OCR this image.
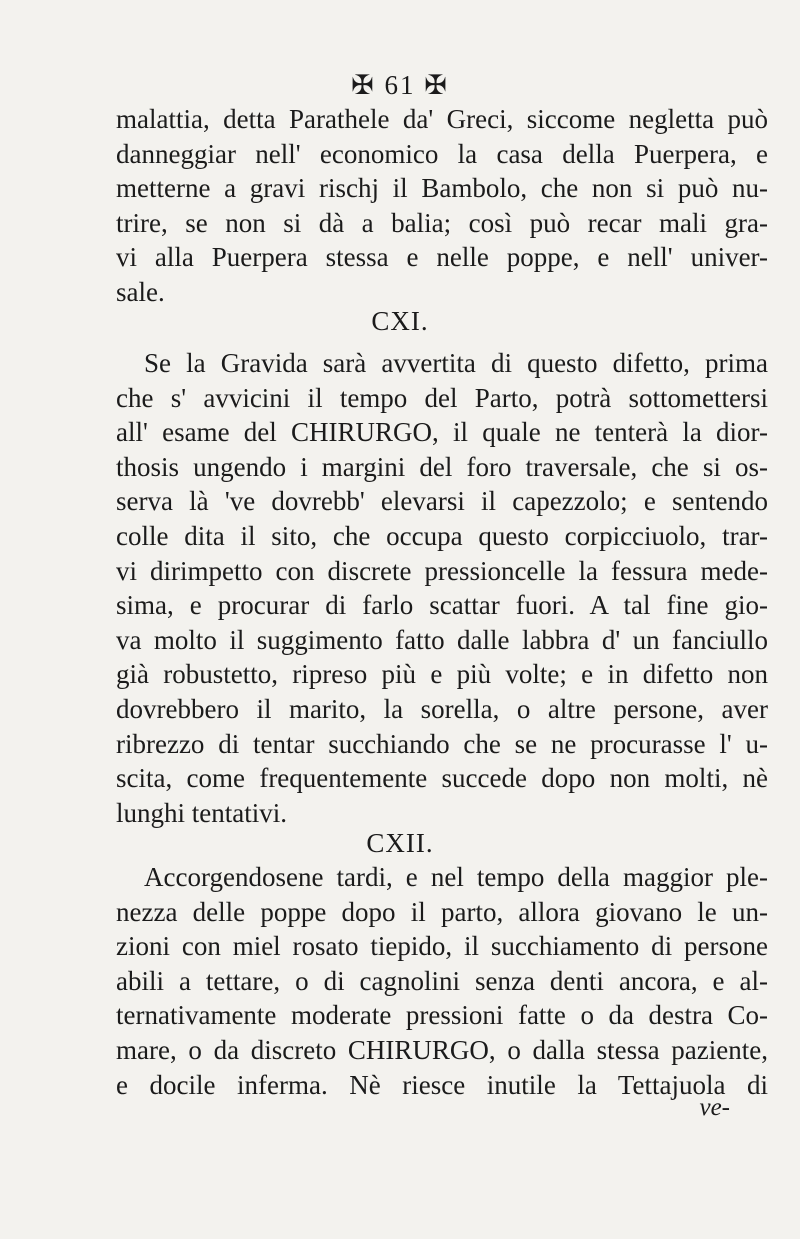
✠ 61 ✠
malattia, detta Parathele da' Greci, siccome negletta può
danneggiar nell' economico la casa della Puerpera, e
metterne a gravi rischj il Bambolo, che non si può nu-
trire, se non si dà a balia; così può recar mali gra-
vi alla Puerpera stessa e nelle poppe, e nell' univer-
sale.
CXI.
Se la Gravida sarà avvertita di questo difetto, prima
che s' avvicini il tempo del Parto, potrà sottomettersi
all' esame del CHIRURGO, il quale ne tenterà la dior-
thosis ungendo i margini del foro traversale, che si os-
serva là 've dovrebb' elevarsi il capezzolo; e sentendo
colle dita il sito, che occupa questo corpicciuolo, trar-
vi dirimpetto con discrete pressioncelle la fessura mede-
sima, e procurar di farlo scattar fuori. A tal fine gio-
va molto il suggimento fatto dalle labbra d' un fanciullo
già robustetto, ripreso più e più volte; e in difetto non
dovrebbero il marito, la sorella, o altre persone, aver
ribrezzo di tentar succhiando che se ne procurasse l' u-
scita, come frequentemente succede dopo non molti, nè
lunghi tentativi.
CXII.
Accorgendosene tardi, e nel tempo della maggior ple-
nezza delle poppe dopo il parto, allora giovano le un-
zioni con miel rosato tiepido, il succhiamento di persone
abili a tettare, o di cagnolini senza denti ancora, e al-
ternativamente moderate pressioni fatte o da destra Co-
mare, o da discreto CHIRURGO, o dalla stessa paziente,
e docile inferma. Nè riesce inutile la Tettajuola di
ve-
